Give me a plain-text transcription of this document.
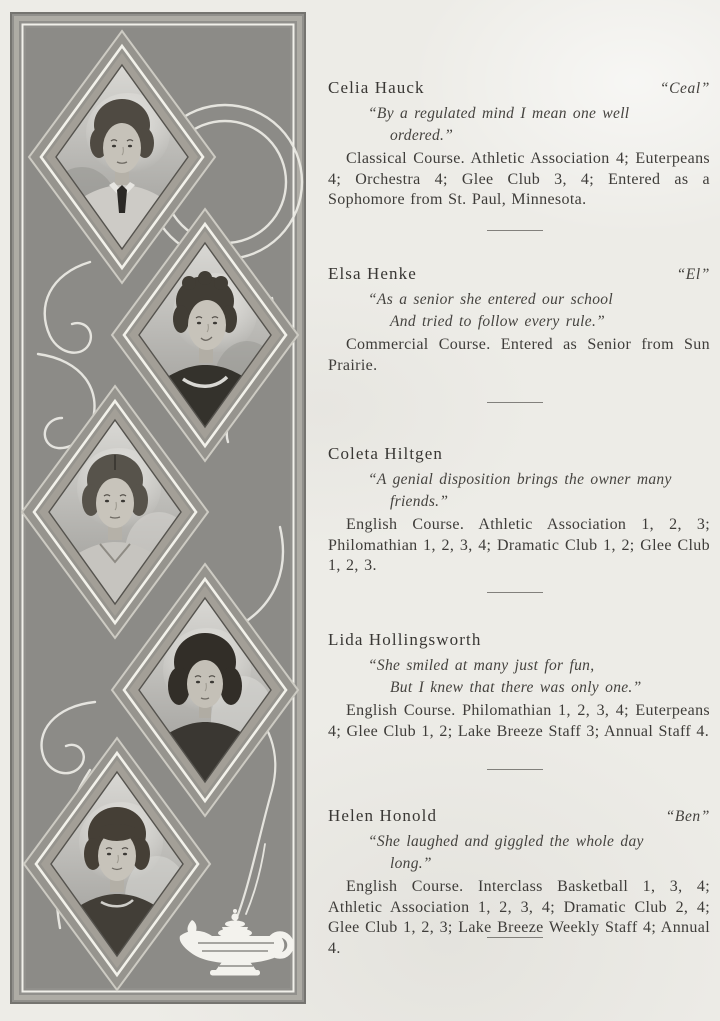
Celia Hauck	“Ceal”
“By a regulated mind I mean one well
ordered.”
Classical Course. Athletic Association 4; Euterpeans 4; Orchestra 4; Glee Club 3, 4; Entered as a Sophomore from St. Paul, Minnesota.
Elsa Henke	“El”
“As a senior she entered our school
And tried to follow every rule.”
Commercial Course. Entered as Senior from Sun Prairie.
Coleta Hiltgen
“A genial disposition brings the owner many
friends.”
English Course. Athletic Association 1, 2, 3; Philomathian 1, 2, 3, 4; Dramatic Club 1, 2; Glee Club 1, 2, 3.
Lida Hollingsworth
“She smiled at many just for fun,
But I knew that there was only one.”
English Course. Philomathian 1, 2, 3, 4; Euterpeans 4; Glee Club 1, 2; Lake Breeze Staff 3; Annual Staff 4.
Helen Honold	“Ben”
“She laughed and giggled the whole day
long.”
English Course. Interclass Basketball 1, 3, 4; Athletic Association 1, 2, 3, 4; Dramatic Club 2, 4; Glee Club 1, 2, 3; Lake Breeze Weekly Staff 4; Annual 4.
